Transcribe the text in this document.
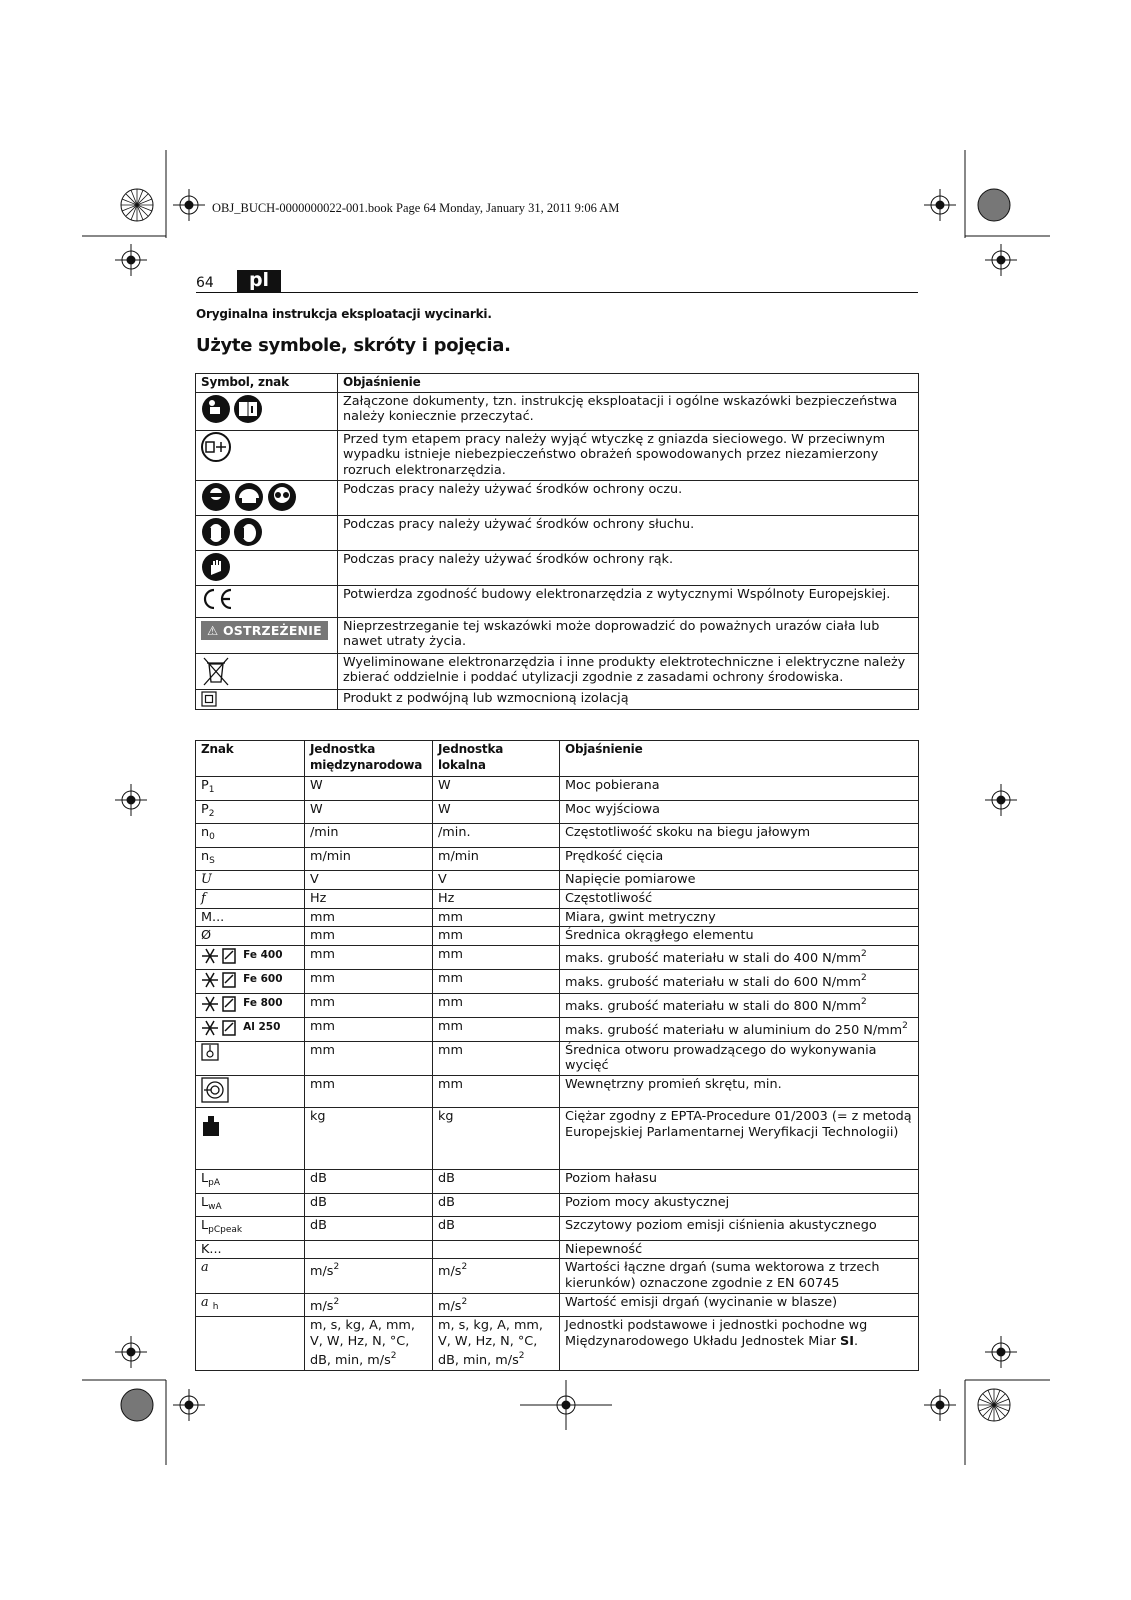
OBJ_BUCH-0000000022-001.book Page 64 Monday, January 31, 2011 9:06 AM
64	pl
Oryginalna instrukcja eksploatacji wycinarki.
Użyte symbole, skróty i pojęcia.
Symbol, znak	Objaśnienie
	Załączone dokumenty, tzn. instrukcję eksploatacji i ogólne wskazówki bezpieczeństwa należy koniecznie przeczytać.
	Przed tym etapem pracy należy wyjąć wtyczkę z gniazda sieciowego. W przeciwnym wypadku istnieje niebezpieczeństwo obrażeń spowodowanych przez niezamierzony rozruch elektronarzędzia.
	Podczas pracy należy używać środków ochrony oczu.
	Podczas pracy należy używać środków ochrony słuchu.
	Podczas pracy należy używać środków ochrony rąk.
	Potwierdza zgodność budowy elektronarzędzia z wytycznymi Wspólnoty Europejskiej.
⚠ OSTRZEŻENIE	Nieprzestrzeganie tej wskazówki może doprowadzić do poważnych urazów ciała lub nawet utraty życia.
	Wyeliminowane elektronarzędzia i inne produkty elektrotechniczne i elektryczne należy zbierać oddzielnie i poddać utylizacji zgodnie z zasadami ochrony środowiska.
	Produkt z podwójną lub wzmocnioną izolacją
Znak	Jednostka międzynarodowa	Jednostka lokalna	Objaśnienie
$P_1$	W	W	Moc pobierana
$P_2$	W	W	Moc wyjściowa
$n_0$	/min	/min.	Częstotliwość skoku na biegu jałowym
$n_S$	m/min	m/min	Prędkość cięcia
U	V	V	Napięcie pomiarowe
f	Hz	Hz	Częstotliwość
M...	mm	mm	Miara, gwint metryczny
Ø	mm	mm	Średnica okrągłego elementu
Fe 400	mm	mm	maks. grubość materiału w stali do 400 $N/mm^2$
Fe 600	mm	mm	maks. grubość materiału w stali do 600 $N/mm^2$
Fe 800	mm	mm	maks. grubość materiału w stali do 800 $N/mm^2$
Al 250	mm	mm	maks. grubość materiału w aluminium do 250 $N/mm^2$
	mm	mm	Średnica otworu prowadzącego do wykonywania wycięć
	mm	mm	Wewnętrzny promień skrętu, min.
	kg	kg	Ciężar zgodny z EPTA-Procedure 01/2003 (= z metodą Europejskiej Parlamentarnej Weryfikacji Technologii)
$L_{pA}$	dB	dB	Poziom hałasu
$L_{wA}$	dB	dB	Poziom mocy akustycznej
$L_{pCpeak}$	dB	dB	Szczytowy poziom emisji ciśnienia akustycznego
K...			Niepewność
a	$m/s^2$	$m/s^2$	Wartości łączne drgań (suma wektorowa z trzech kierunków) oznaczone zgodnie z EN 60745
a $_h$	$m/s^2$	$m/s^2$	Wartość emisji drgań (wycinanie w blasze)
	m, s, kg, A, mm, V, W, Hz, N, °C, dB, min, $m/s^2$	m, s, kg, A, mm, V, W, Hz, N, °C, dB, min, $m/s^2$	Jednostki podstawowe i jednostki pochodne wg Międzynarodowego Układu Jednostek Miar SI.
